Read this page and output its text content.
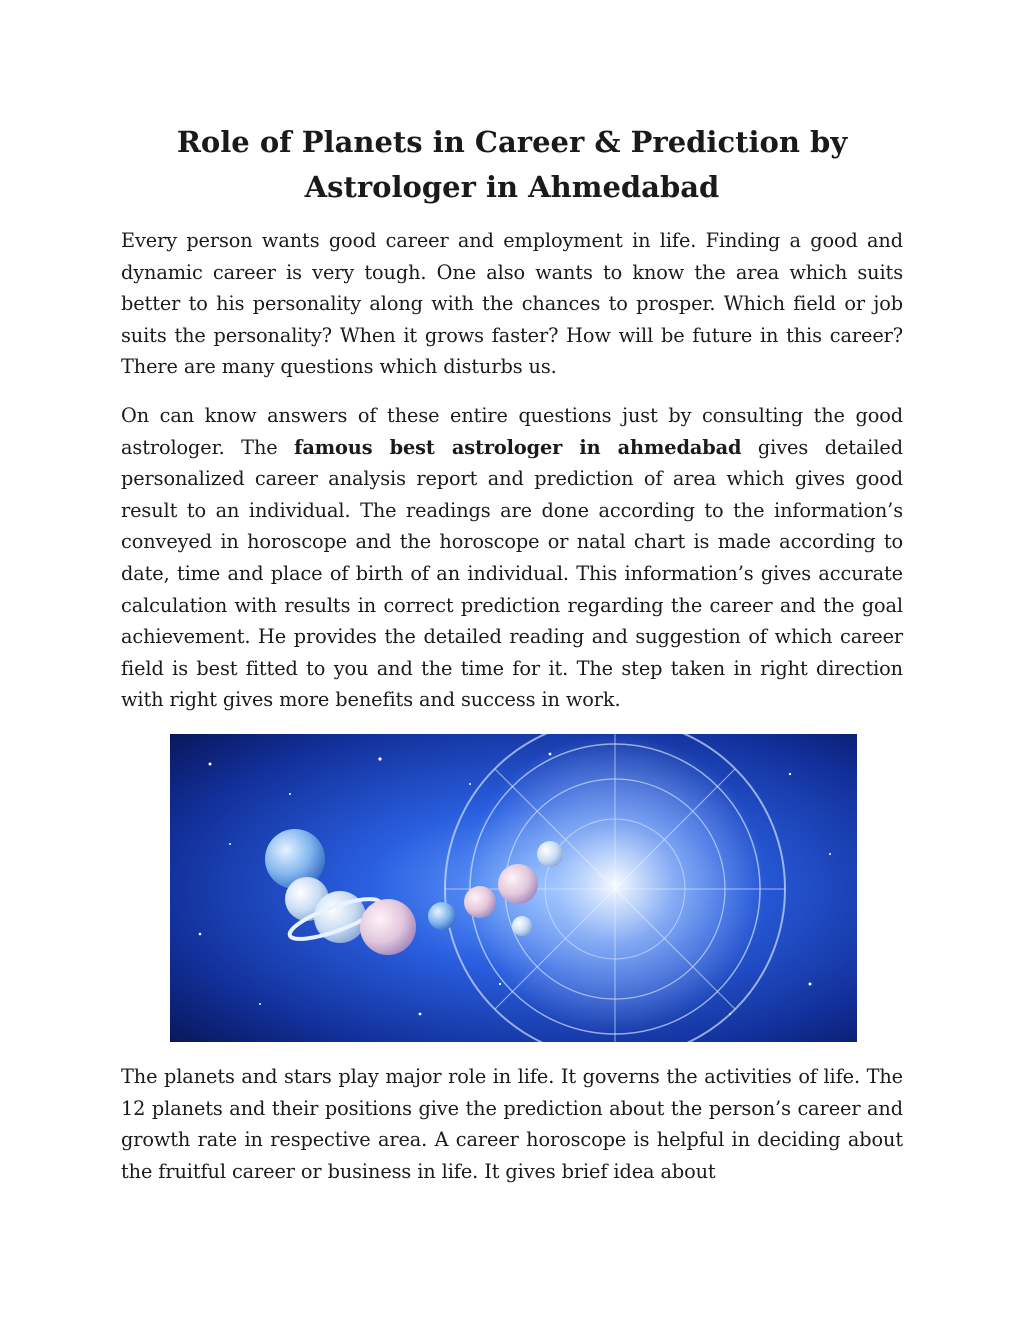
Role of Planets in Career & Prediction by Astrologer in Ahmedabad

Every person wants good career and employment in life. Finding a good and dynamic career is very tough. One also wants to know the area which suits better to his personality along with the chances to prosper. Which field or job suits the personality? When it grows faster? How will be future in this career? There are many questions which disturbs us.

On can know answers of these entire questions just by consulting the good astrologer. The famous best astrologer in ahmedabad gives detailed personalized career analysis report and prediction of area which gives good result to an individual. The readings are done according to the information’s conveyed in horoscope and the horoscope or natal chart is made according to date, time and place of birth of an individual. This information’s gives accurate calculation with results in correct prediction regarding the career and the goal achievement. He provides the detailed reading and suggestion of which career field is best fitted to you and the time for it. The step taken in right direction with right gives more benefits and success in work.

The planets and stars play major role in life. It governs the activities of life. The 12 planets and their positions give the prediction about the person’s career and growth rate in respective area. A career horoscope is helpful in deciding about the fruitful career or business in life. It gives brief idea about
